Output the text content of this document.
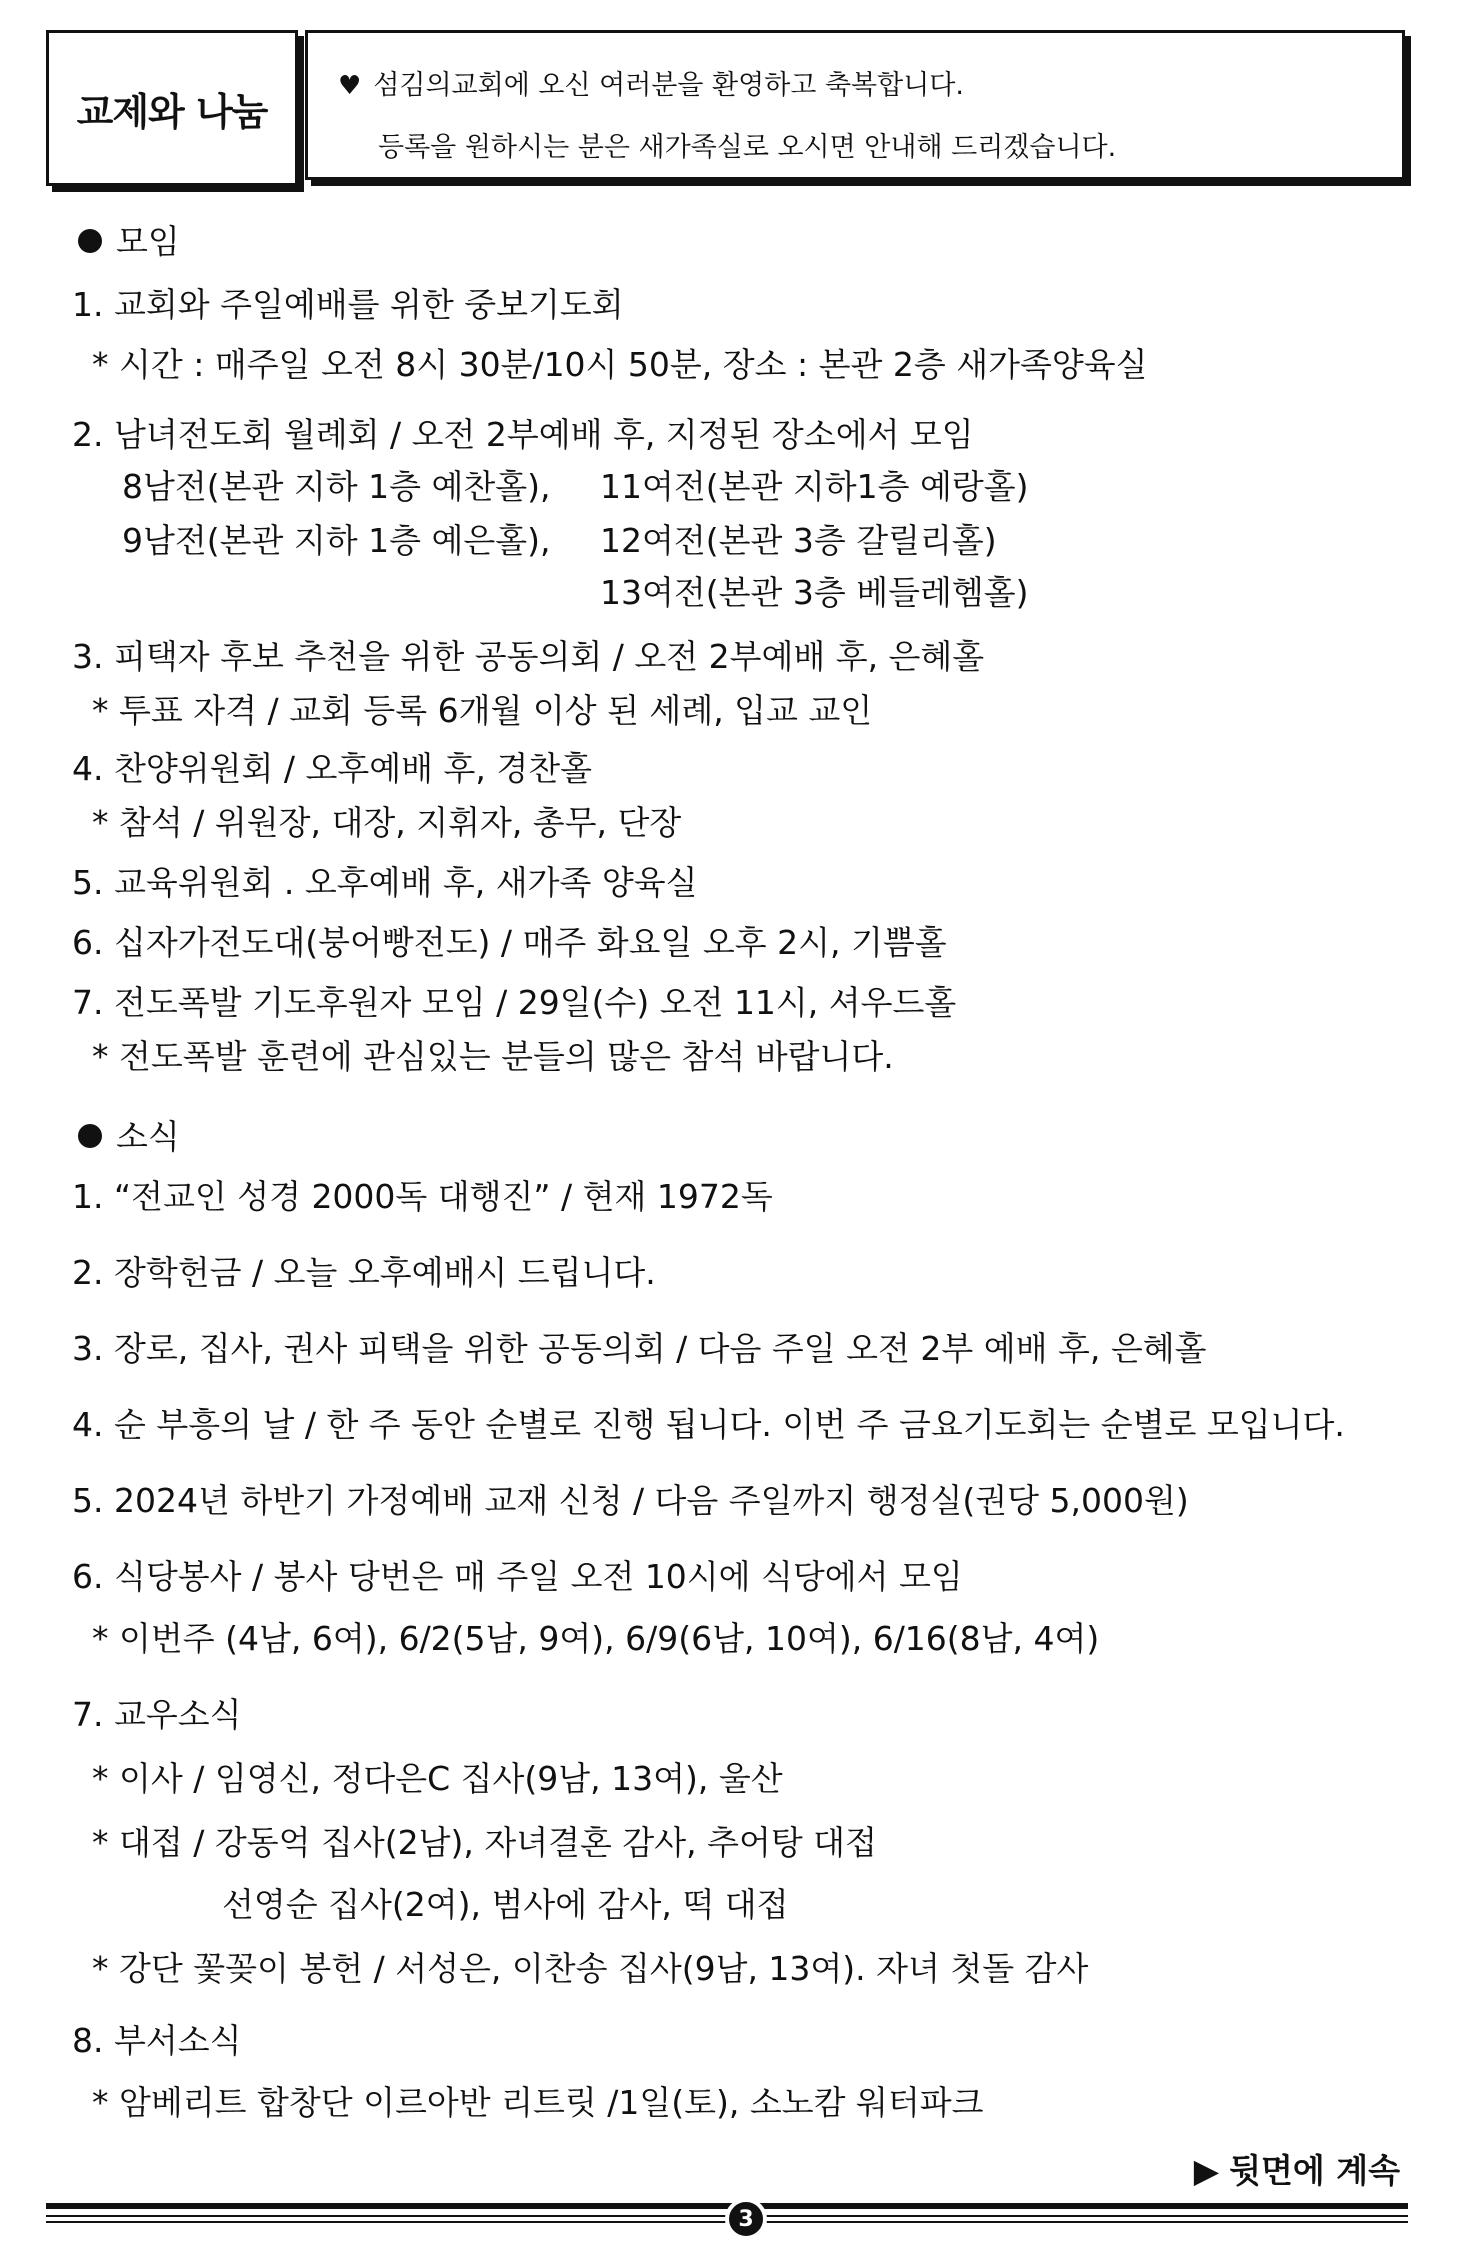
교제와 나눔
♥ 섬김의교회에 오신 여러분을 환영하고 축복합니다.
등록을 원하시는 분은 새가족실로 오시면 안내해 드리겠습니다.
모임
1. 교회와 주일예배를 위한 중보기도회
* 시간 : 매주일 오전 8시 30분/10시 50분, 장소 : 본관 2층 새가족양육실
2. 남녀전도회 월례회 / 오전 2부예배 후, 지정된 장소에서 모임
8남전(본관 지하 1층 예찬홀), 11여전(본관 지하1층 예랑홀)
9남전(본관 지하 1층 예은홀), 12여전(본관 3층 갈릴리홀)
13여전(본관 3층 베들레헴홀)
3. 피택자 후보 추천을 위한 공동의회 / 오전 2부예배 후, 은혜홀
* 투표 자격 / 교회 등록 6개월 이상 된 세례, 입교 교인
4. 찬양위원회 / 오후예배 후, 경찬홀
* 참석 / 위원장, 대장, 지휘자, 총무, 단장
5. 교육위원회 . 오후예배 후, 새가족 양육실
6. 십자가전도대(붕어빵전도) / 매주 화요일 오후 2시, 기쁨홀
7. 전도폭발 기도후원자 모임 / 29일(수) 오전 11시, 셔우드홀
* 전도폭발 훈련에 관심있는 분들의 많은 참석 바랍니다.
소식
1. “전교인 성경 2000독 대행진” / 현재 1972독
2. 장학헌금 / 오늘 오후예배시 드립니다.
3. 장로, 집사, 권사 피택을 위한 공동의회 / 다음 주일 오전 2부 예배 후, 은혜홀
4. 순 부흥의 날 / 한 주 동안 순별로 진행 됩니다. 이번 주 금요기도회는 순별로 모입니다.
5. 2024년 하반기 가정예배 교재 신청 / 다음 주일까지 행정실(권당 5,000원)
6. 식당봉사 / 봉사 당번은 매 주일 오전 10시에 식당에서 모임
* 이번주 (4남, 6여), 6/2(5남, 9여), 6/9(6남, 10여), 6/16(8남, 4여)
7. 교우소식
* 이사 / 임영신, 정다은C 집사(9남, 13여), 울산
* 대접 / 강동억 집사(2남), 자녀결혼 감사, 추어탕 대접
선영순 집사(2여), 범사에 감사, 떡 대접
* 강단 꽃꽂이 봉헌 / 서성은, 이찬송 집사(9남, 13여). 자녀 첫돌 감사
8. 부서소식
* 암베리트 합창단 이르아반 리트릿 /1일(토), 소노캄 워터파크
▶ 뒷면에 계속
3
